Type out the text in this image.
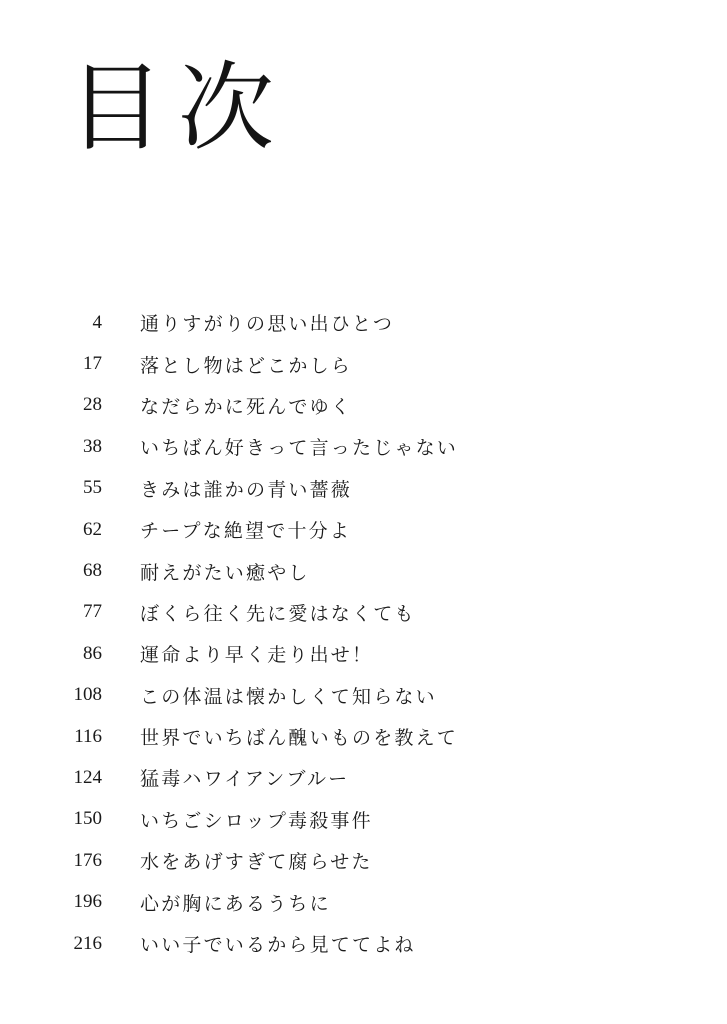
目次
4 通りすがりの思い出ひとつ
17 落とし物はどこかしら
28 なだらかに死んでゆく
38 いちばん好きって言ったじゃない
55 きみは誰かの青い薔薇
62 チープな絶望で十分よ
68 耐えがたい癒やし
77 ぼくら往く先に愛はなくても
86 運命より早く走り出せ！
108 この体温は懐かしくて知らない
116 世界でいちばん醜いものを教えて
124 猛毒ハワイアンブルー
150 いちごシロップ毒殺事件
176 水をあげすぎて腐らせた
196 心が胸にあるうちに
216 いい子でいるから見ててよね
